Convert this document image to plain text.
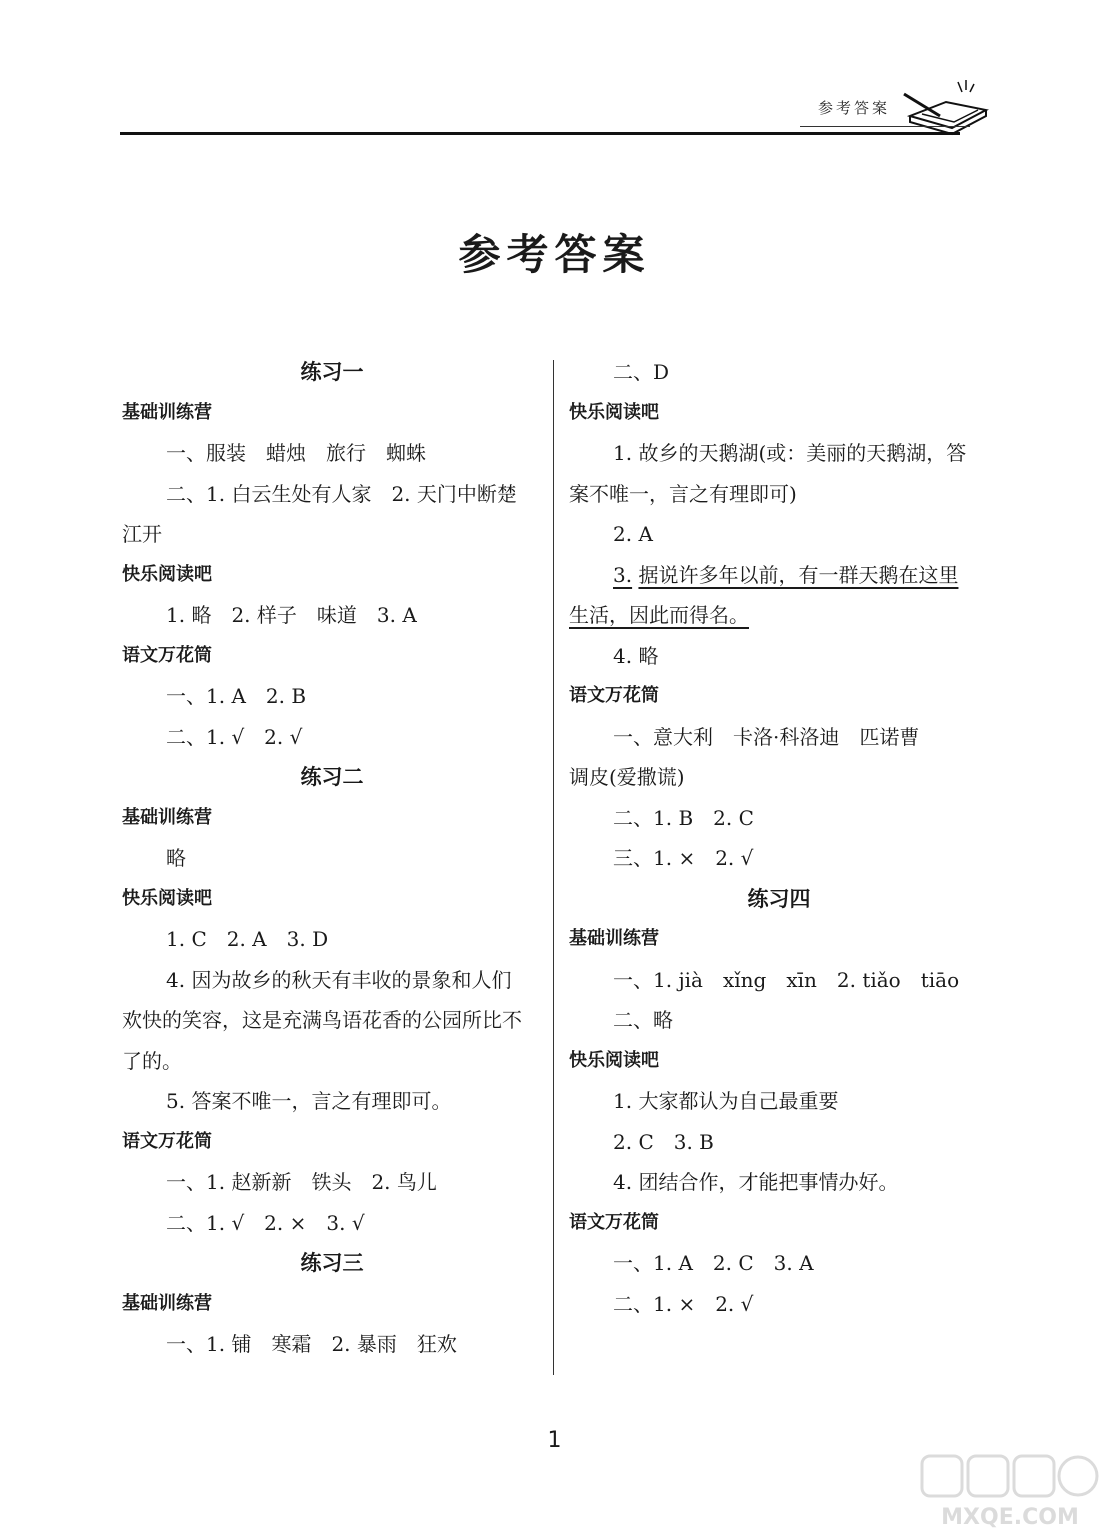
参考答案
参考答案
练习一
基础训练营
一、服装　蜡烛　旅行　蜘蛛
二、1. 白云生处有人家　2. 天门中断楚
江开
快乐阅读吧
1. 略　2. 样子　味道　3. A
语文万花筒
一、1. A　2. B
二、1. √　2. √
练习二
基础训练营
略
快乐阅读吧
1. C　2. A　3. D
4. 因为故乡的秋天有丰收的景象和人们
欢快的笑容，这是充满鸟语花香的公园所比不
了的。
5. 答案不唯一，言之有理即可。
语文万花筒
一、1. 赵新新　铁头　2. 鸟儿
二、1. √　2. ×　3. √
练习三
基础训练营
一、1. 铺　寒霜　2. 暴雨　狂欢
二、D
快乐阅读吧
1. 故乡的天鹅湖(或：美丽的天鹅湖，答
案不唯一，言之有理即可)
2. A
3. 据说许多年以前，有一群天鹅在这里
生活，因此而得名。
4. 略
语文万花筒
一、意大利　卡洛·科洛迪　匹诺曹
调皮(爱撒谎)
二、1. B　2. C
三、1. ×　2. √
练习四
基础训练营
一、1. jià　xǐng　xīn　2. tiǎo　tiāo
二、略
快乐阅读吧
1. 大家都认为自己最重要
2. C　3. B
4. 团结合作，才能把事情办好。
语文万花筒
一、1. A　2. C　3. A
二、1. ×　2. √
1
MXQE.COM
